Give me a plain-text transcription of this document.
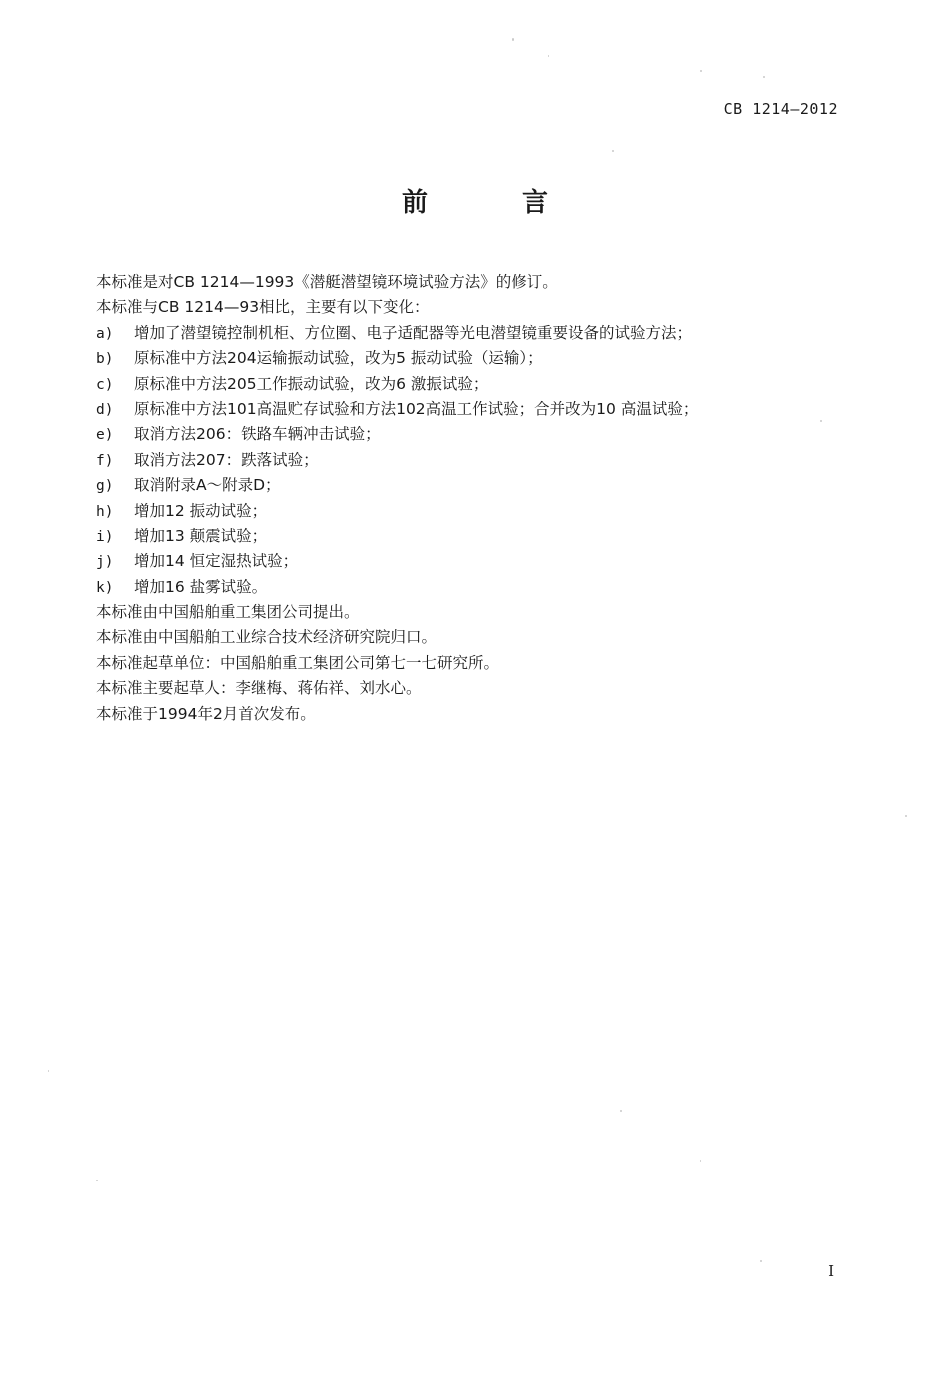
CB 1214—2012
前　言
本标准是对CB 1214—1993《潜艇潜望镜环境试验方法》的修订。
本标准与CB 1214—93相比，主要有以下变化：
a) 增加了潜望镜控制机柜、方位圈、电子适配器等光电潜望镜重要设备的试验方法；
b) 原标准中方法204运输振动试验，改为5 振动试验（运输）；
c) 原标准中方法205工作振动试验，改为6 激振试验；
d) 原标准中方法101高温贮存试验和方法102高温工作试验；合并改为10 高温试验；
e) 取消方法206：铁路车辆冲击试验；
f) 取消方法207：跌落试验；
g) 取消附录A～附录D；
h) 增加12 振动试验；
i) 增加13 颠震试验；
j) 增加14 恒定湿热试验；
k) 增加16 盐雾试验。
本标准由中国船舶重工集团公司提出。
本标准由中国船舶工业综合技术经济研究院归口。
本标准起草单位：中国船舶重工集团公司第七一七研究所。
本标准主要起草人：李继梅、蒋佑祥、刘水心。
本标准于1994年2月首次发布。
I
